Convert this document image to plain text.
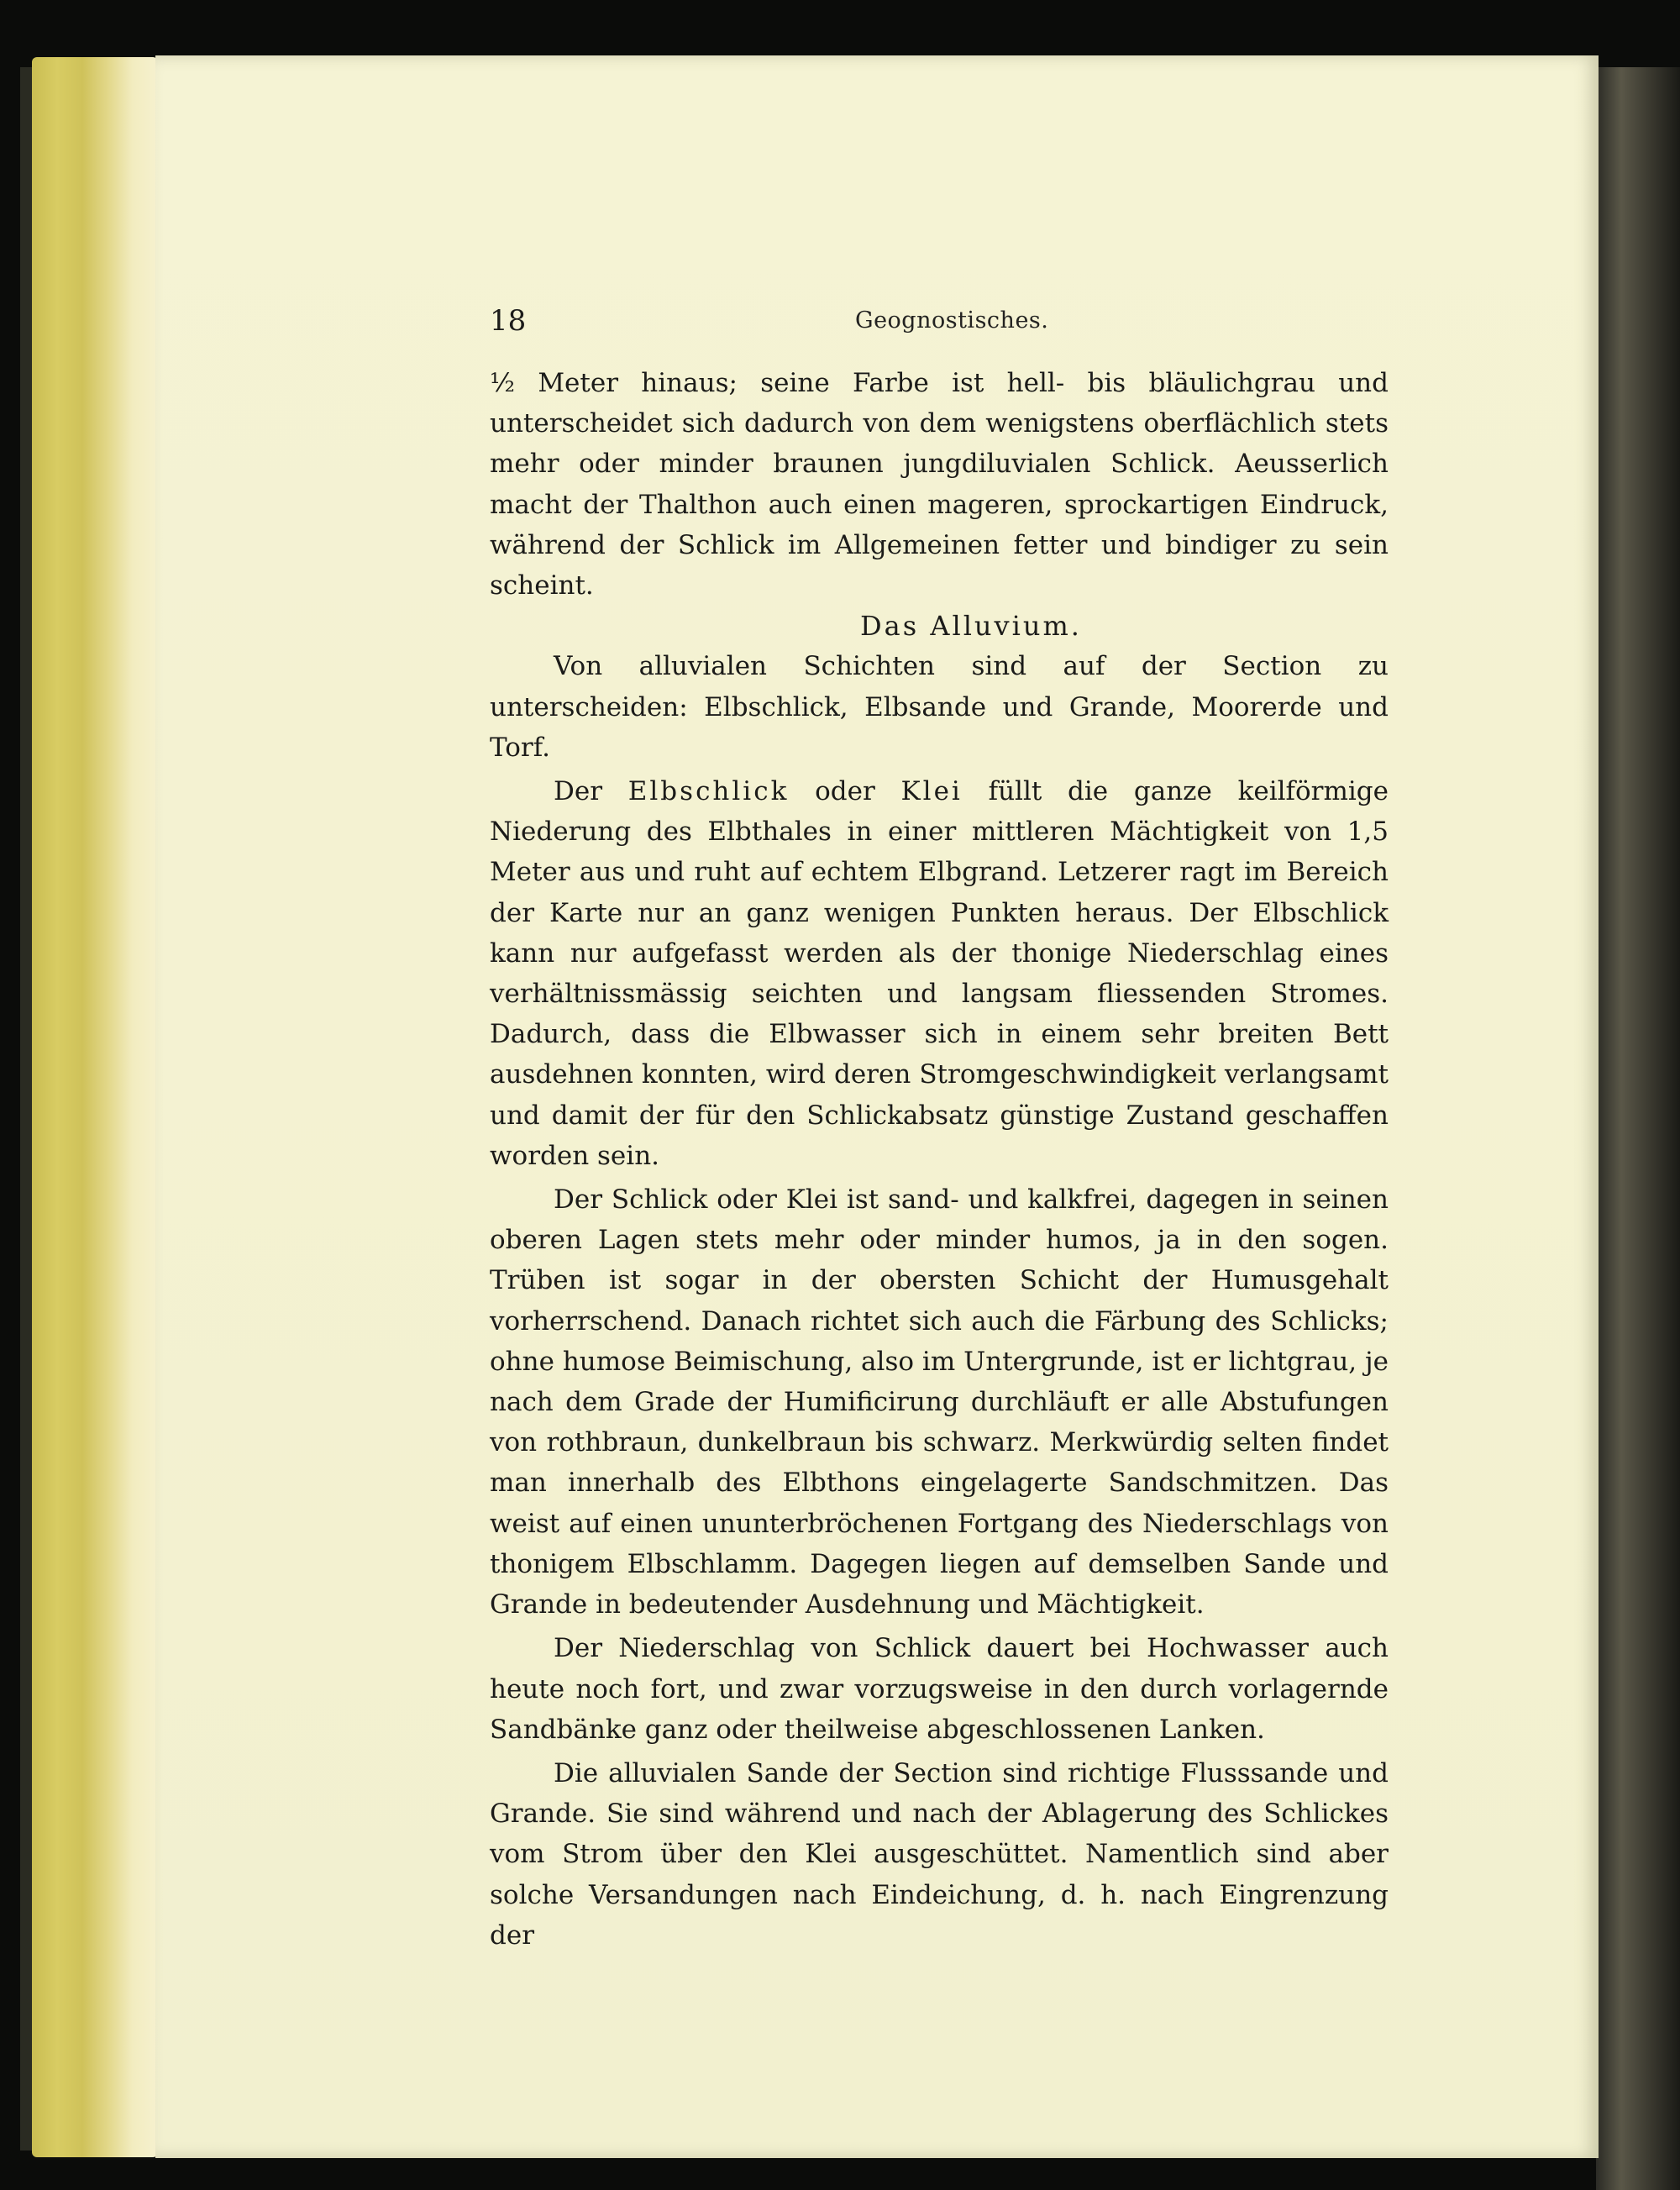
18	Geognostisches.

½ Meter hinaus; seine Farbe ist hell- bis bläulichgrau und unterscheidet sich dadurch von dem wenigstens oberflächlich stets mehr oder minder braunen jungdiluvialen Schlick. Aeusserlich macht der Thalthon auch einen mageren, sprockartigen Eindruck, während der Schlick im Allgemeinen fetter und bindiger zu sein scheint.

Das Alluvium.

Von alluvialen Schichten sind auf der Section zu unterscheiden: Elbschlick, Elbsande und Grande, Moorerde und Torf.

Der Elbschlick oder Klei füllt die ganze keilförmige Niederung des Elbthales in einer mittleren Mächtigkeit von 1,5 Meter aus und ruht auf echtem Elbgrand. Letzerer ragt im Bereich der Karte nur an ganz wenigen Punkten heraus. Der Elbschlick kann nur aufgefasst werden als der thonige Niederschlag eines verhältnissmässig seichten und langsam fliessenden Stromes. Dadurch, dass die Elbwasser sich in einem sehr breiten Bett ausdehnen konnten, wird deren Stromgeschwindigkeit verlangsamt und damit der für den Schlickabsatz günstige Zustand geschaffen worden sein.

Der Schlick oder Klei ist sand- und kalkfrei, dagegen in seinen oberen Lagen stets mehr oder minder humos, ja in den sogen. Trüben ist sogar in der obersten Schicht der Humusgehalt vorherrschend. Danach richtet sich auch die Färbung des Schlicks; ohne humose Beimischung, also im Untergrunde, ist er lichtgrau, je nach dem Grade der Humificirung durchläuft er alle Abstufungen von rothbraun, dunkelbraun bis schwarz. Merkwürdig selten findet man innerhalb des Elbthons eingelagerte Sandschmitzen. Das weist auf einen ununterbröchenen Fortgang des Niederschlags von thonigem Elbschlamm. Dagegen liegen auf demselben Sande und Grande in bedeutender Ausdehnung und Mächtigkeit.

Der Niederschlag von Schlick dauert bei Hochwasser auch heute noch fort, und zwar vorzugsweise in den durch vorlagernde Sandbänke ganz oder theilweise abgeschlossenen Lanken.

Die alluvialen Sande der Section sind richtige Flusssande und Grande. Sie sind während und nach der Ablagerung des Schlickes vom Strom über den Klei ausgeschüttet. Namentlich sind aber solche Versandungen nach Eindeichung, d. h. nach Eingrenzung der
